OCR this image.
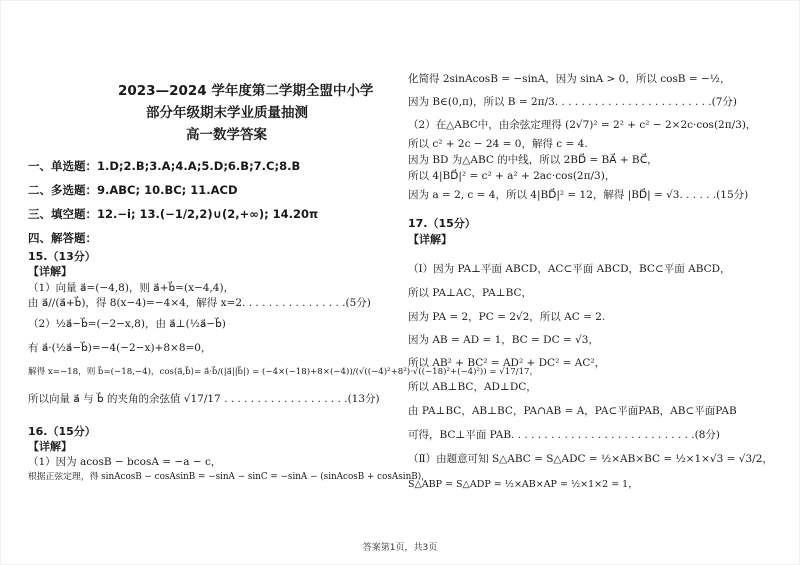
2023—2024 学年度第二学期全盟中小学
部分年级期末学业质量抽测
高一数学答案
一、单选题：1.D;2.B;3.A;4.A;5.D;6.B;7.C;8.B
二、多选题：9.ABC; 10.BC; 11.ACD
三、填空题：12.−i; 13.(−1/2,2)∪(2,+∞); 14.20π
四、解答题：
15.（13分）
【详解】
（1）向量 a⃗=(−4,8)，则 a⃗+b⃗=(x−4,4)，
由 a⃗//(a⃗+b⃗)，得 8(x−4)=−4×4，解得 x=2. . . . . . . . . . . . . . . .(5分)
（2）½a⃗−b⃗=(−2−x,8)，由 a⃗⊥(½a⃗−b⃗)
有 a⃗·(½a⃗−b⃗)=−4(−2−x)+8×8=0，
解得 x=−18，则 b⃗=(−18,−4)，cos⟨a⃗,b⃗⟩= a⃗·b⃗/(|a⃗||b⃗|) = (−4×(−18)+8×(−4))/(√((−4)²+8²)·√((−18)²+(−4)²)) = √17/17，
所以向量 a⃗ 与 b⃗ 的夹角的余弦值 √17/17 . . . . . . . . . . . . . . . . . . .(13分)
16.（15分）
【详解】
（1）因为 acosB − bcosA = −a − c，
根据正弦定理，得 sinAcosB − cosAsinB = −sinA − sinC = −sinA − (sinAcosB + cosAsinB)，
化简得 2sinAcosB = −sinA，因为 sinA > 0，所以 cosB = −½，
因为 B∈(0,π)，所以 B = 2π/3. . . . . . . . . . . . . . . . . . . . . . . .(7分)
（2）在△ABC中，由余弦定理得 (2√7)² = 2² + c² − 2×2c·cos(2π/3)，
所以 c² + 2c − 24 = 0，解得 c = 4.
因为 BD 为△ABC 的中线，所以 2BD⃗ = BA⃗ + BC⃗，
所以 4|BD⃗|² = c² + a² + 2ac·cos(2π/3)，
因为 a = 2, c = 4，所以 4|BD⃗|² = 12，解得 |BD⃗| = √3. . . . . .(15分)
17.（15分）
【详解】
（Ⅰ）因为 PA⊥平面 ABCD，AC⊂平面 ABCD，BC⊂平面 ABCD，
所以 PA⊥AC，PA⊥BC，
因为 PA = 2，PC = 2√2，所以 AC = 2.
因为 AB = AD = 1，BC = DC = √3，
所以 AB² + BC² = AD² + DC² = AC²，
所以 AB⊥BC，AD⊥DC，
由 PA⊥BC，AB⊥BC，PA∩AB = A，PA⊂平面PAB，AB⊂平面PAB
可得，BC⊥平面 PAB. . . . . . . . . . . . . . . . . . . . . . . . . . . .(8分)
（Ⅱ）由题意可知 S△ABC = S△ADC = ½×AB×BC = ½×1×√3 = √3/2，
S△ABP = S△ADP = ½×AB×AP = ½×1×2 = 1，
答案第1页，共3页
